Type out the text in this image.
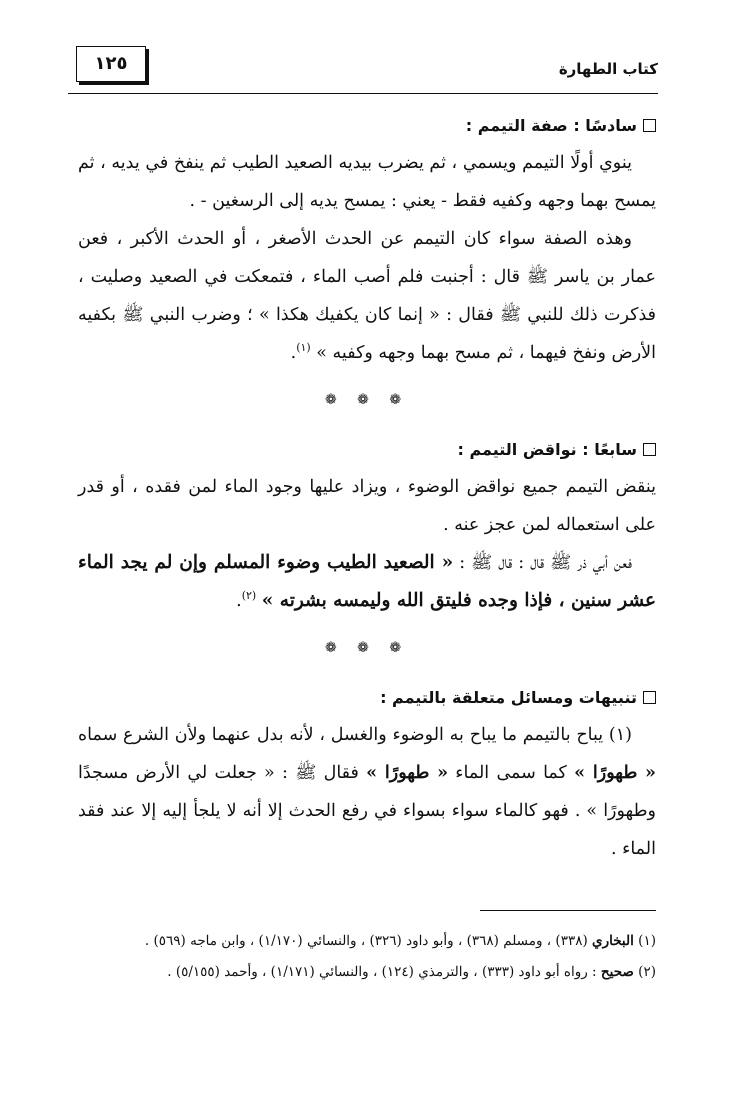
كتاب الطهارة
١٢٥
سادسًا : صفة التيمم :

ينوي أولًا التيمم ويسمي ، ثم يضرب بيديه الصعيد الطيب ثم ينفخ في يديه ، ثم يمسح بهما وجهه وكفيه فقط - يعني : يمسح يديه إلى الرسغين - .

وهذه الصفة سواء كان التيمم عن الحدث الأصغر ، أو الحدث الأكبر ، فعن عمار بن ياسر ﷺ قال : أجنبت فلم أصب الماء ، فتمعكت في الصعيد وصليت ، فذكرت ذلك للنبي ﷺ فقال : « إنما كان يكفيك هكذا » ؛ وضرب النبي ﷺ بكفيه الأرض ونفخ فيهما ، ثم مسح بهما وجهه وكفيه » $^{(١)}$.

❁ ❁ ❁
سابعًا : نواقض التيمم :

ينقض التيمم جميع نواقض الوضوء ، ويزاد عليها وجود الماء لمن فقده ، أو قدر على استعماله لمن عجز عنه .

فعن أبي ذر ﷺ قال : قال ﷺ : « الصعيد الطيب وضوء المسلم وإن لم يجد الماء عشر سنين ، فإذا وجده فليتق الله وليمسه بشرته » $^{(٢)}$.

❁ ❁ ❁
تنبيهات ومسائل متعلقة بالتيمم :

(١) يباح بالتيمم ما يباح به الوضوء والغسل ، لأنه بدل عنهما ولأن الشرع سماه « طهورًا » كما سمى الماء « طهورًا » فقال ﷺ : « جعلت لي الأرض مسجدًا وطهورًا » . فهو كالماء سواء بسواء في رفع الحدث إلا أنه لا يلجأ إليه إلا عند فقد الماء .

(١) البخاري (٣٣٨) ، ومسلم (٣٦٨) ، وأبو داود (٣٢٦) ، والنسائي (١/١٧٠) ، وابن ماجه (٥٦٩) .

(٢) صحيح : رواه أبو داود (٣٣٣) ، والترمذي (١٢٤) ، والنسائي (١/١٧١) ، وأحمد (٥/١٥٥) .
